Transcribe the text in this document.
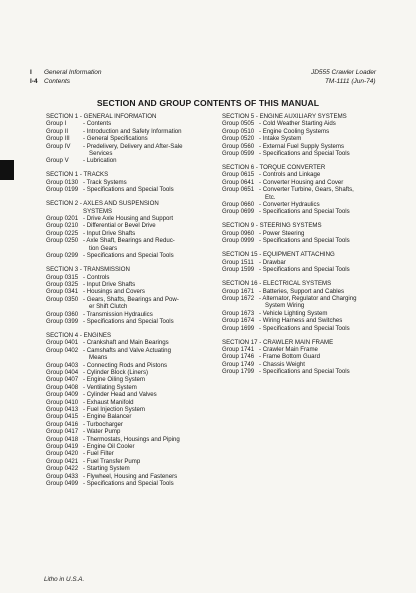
I General Information
I-4 Contents
JD555 Crawler Loader
TM-1111 (Jun-74)
SECTION AND GROUP CONTENTS OF THIS MANUAL
SECTION 1 - GENERAL INFORMATION
Group I	- Contents
Group II	- Introduction and Safety Information
Group III	- General Specifications
Group IV	- Predelivery, Delivery and After-Sale
Services
Group V	- Lubrication
SECTION 1 - TRACKS
Group 0130 - Track Systems
Group 0199 - Specifications and Special Tools
SECTION 2 - AXLES AND SUSPENSION
SYSTEMS
Group 0201 - Drive Axle Housing and Support
Group 0210 - Differential or Bevel Drive
Group 0225 - Input Drive Shafts
Group 0250 - Axle Shaft, Bearings and Reduc-
tion Gears
Group 0299 - Specifications and Special Tools
SECTION 3 - TRANSMISSION
Group 0315 - Controls
Group 0325 - Input Drive Shafts
Group 0341 - Housings and Covers
Group 0350 - Gears, Shafts, Bearings and Pow-
er Shift Clutch
Group 0360 - Transmission Hydraulics
Group 0399 - Specifications and Special Tools
SECTION 4 - ENGINES
Group 0401 - Crankshaft and Main Bearings
Group 0402 - Camshafts and Valve Actuating
Means
Group 0403 - Connecting Rods and Pistons
Group 0404 - Cylinder Block (Liners)
Group 0407 - Engine Oiling System
Group 0408 - Ventilating System
Group 0409 - Cylinder Head and Valves
Group 0410 - Exhaust Manifold
Group 0413 - Fuel Injection System
Group 0415 - Engine Balancer
Group 0416 - Turbocharger
Group 0417 - Water Pump
Group 0418 - Thermostats, Housings and Piping
Group 0419 - Engine Oil Cooler
Group 0420 - Fuel Filter
Group 0421 - Fuel Transfer Pump
Group 0422 - Starting System
Group 0433 - Flywheel, Housing and Fasteners
Group 0499 - Specifications and Special Tools
SECTION 5 - ENGINE AUXILIARY SYSTEMS
Group 0505 - Cold Weather Starting Aids
Group 0510 - Engine Cooling Systems
Group 0520 - Intake System
Group 0560 - External Fuel Supply Systems
Group 0599 - Specifications and Special Tools
SECTION 6 - TORQUE CONVERTER
Group 0615 - Controls and Linkage
Group 0641 - Converter Housing and Cover
Group 0651 - Converter Turbine, Gears, Shafts,
Etc.
Group 0660 - Converter Hydraulics
Group 0699 - Specifications and Special Tools
SECTION 9 - STEERING SYSTEMS
Group 0960 - Power Steering
Group 0999 - Specifications and Special Tools
SECTION 15 - EQUIPMENT ATTACHING
Group 1511 - Drawbar
Group 1599 - Specifications and Special Tools
SECTION 16 - ELECTRICAL SYSTEMS
Group 1671 - Batteries, Support and Cables
Group 1672 - Alternator, Regulator and Charging
System Wiring
Group 1673 - Vehicle Lighting System
Group 1674 - Wiring Harness and Switches
Group 1699 - Specifications and Special Tools
SECTION 17 - CRAWLER MAIN FRAME
Group 1741 - Crawler Main Frame
Group 1746 - Frame Bottom Guard
Group 1749 - Chassis Weight
Group 1799 - Specifications and Special Tools
Litho in U.S.A.
